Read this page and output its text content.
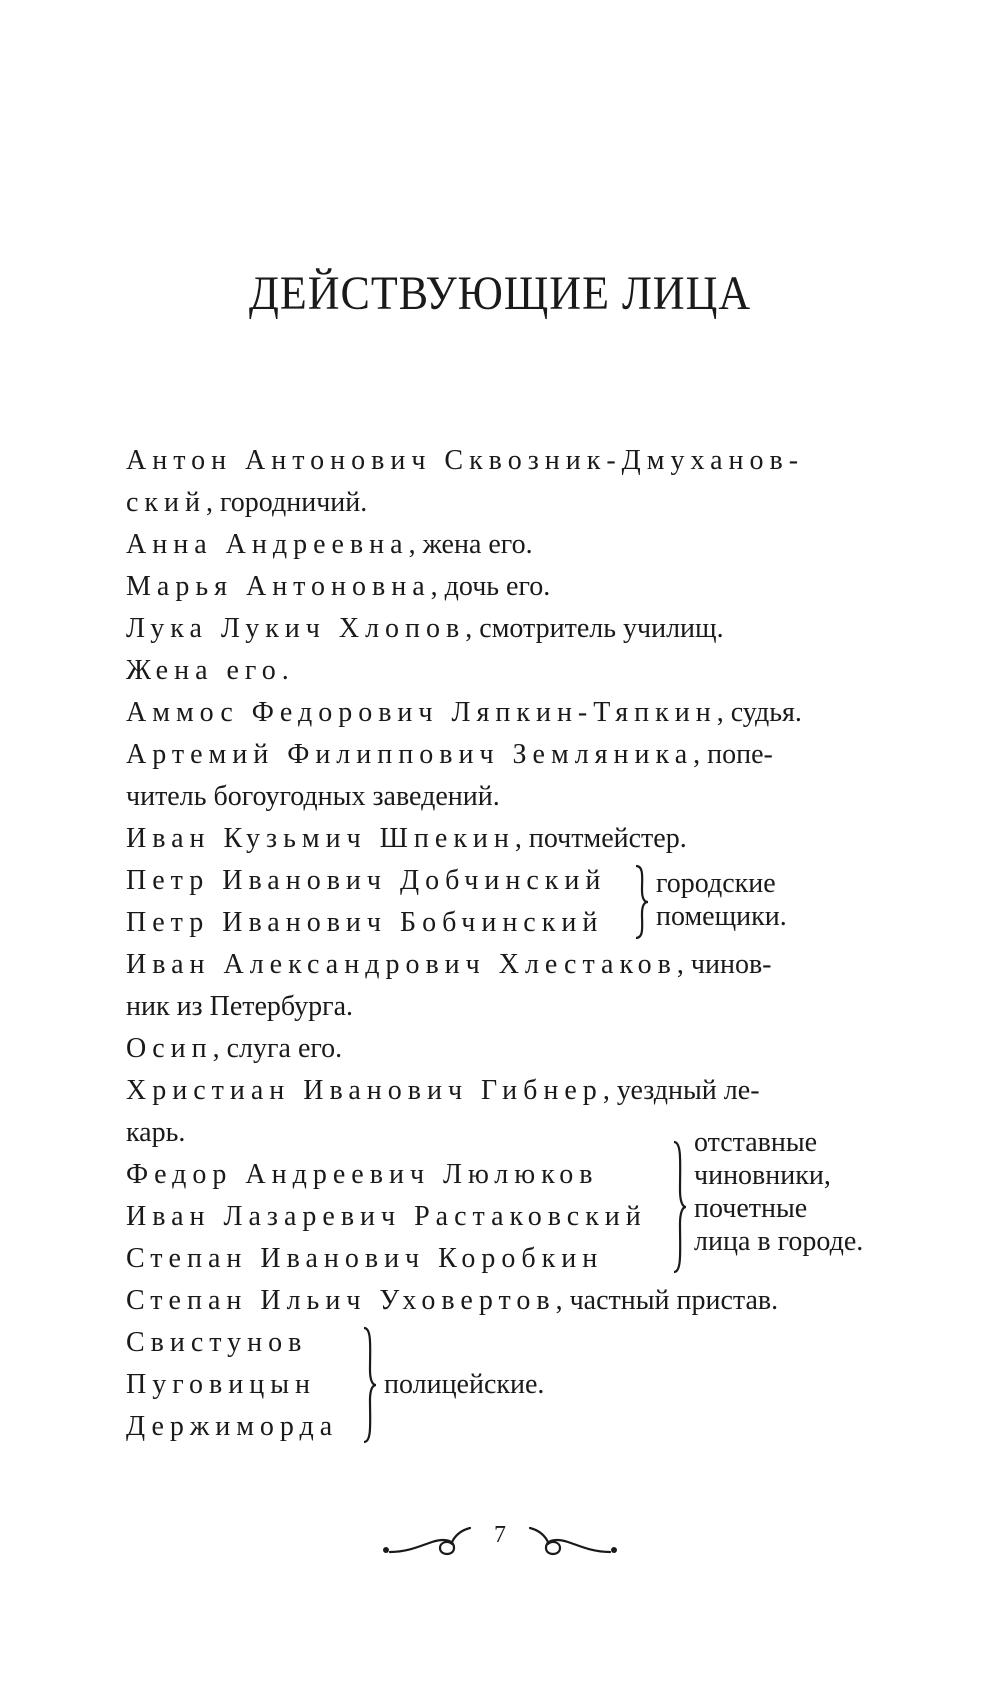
ДЕЙСТВУЮЩИЕ ЛИЦА
Антон Антонович Сквозник-Дмуханов-
ский, городничий.
Анна Андреевна, жена его.
Марья Антоновна, дочь его.
Лука Лукич Хлопов, смотритель училищ.
Жена его.
Аммос Федорович Ляпкин-Тяпкин, судья.
Артемий Филиппович Земляника, попе-
читель богоугодных заведений.
Иван Кузьмич Шпекин, почтмейстер.
Петр Иванович Добчинский
Петр Иванович Бобчинский
городские
помещики.
Иван Александрович Хлестаков, чинов-
ник из Петербурга.
Осип, слуга его.
Христиан Иванович Гибнер, уездный ле-
карь.
Федор Андреевич Люлюков
Иван Лазаревич Растаковский
Степан Иванович Коробкин
отставные
чиновники,
почетные
лица в городе.
Степан Ильич Уховертов, частный пристав.
Свистунов
Пуговицын
Держиморда
полицейские.
7
